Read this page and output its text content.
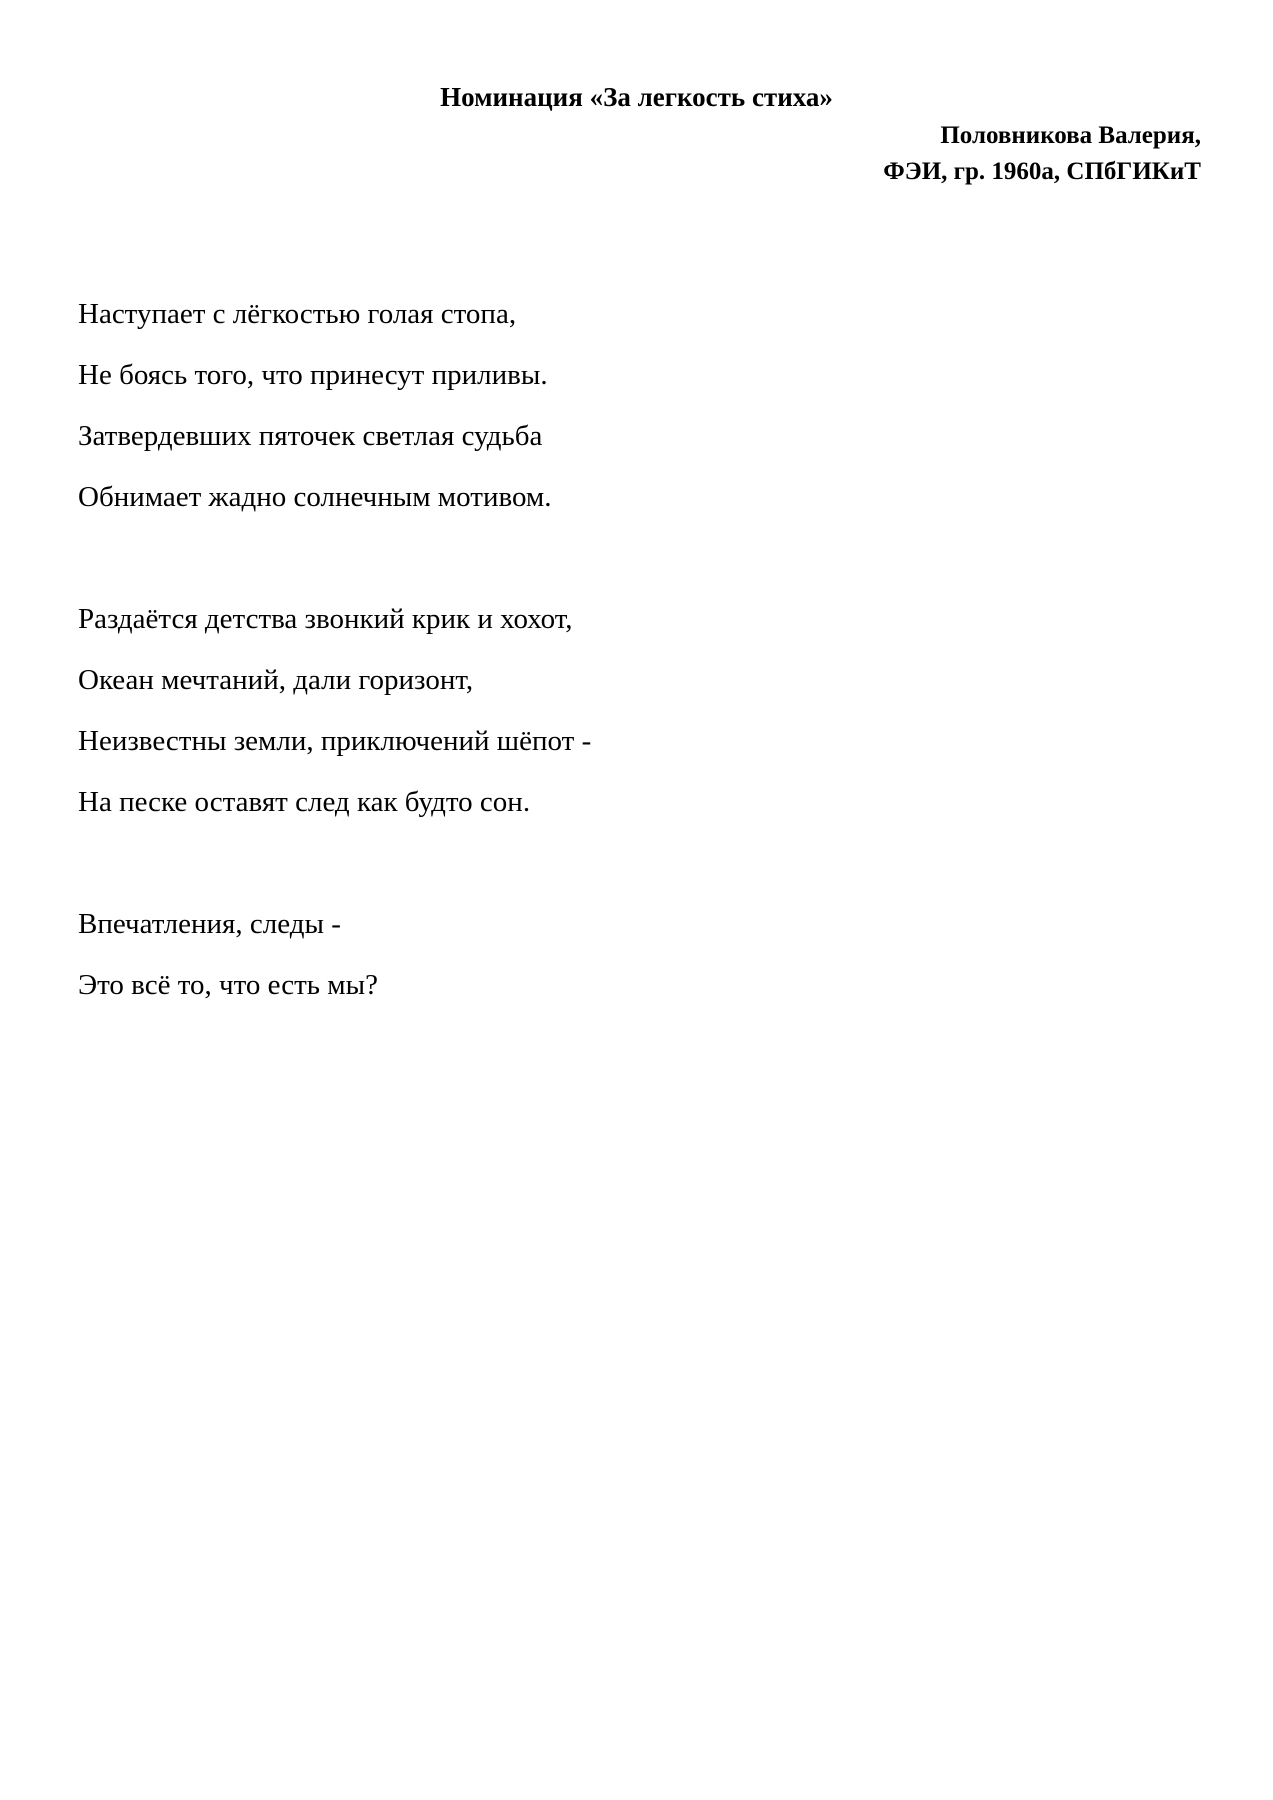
Номинация «За легкость стиха»
Половникова Валерия,
ФЭИ, гр. 1960а, СПбГИКиТ
Наступает с лёгкостью голая стопа,
Не боясь того, что принесут приливы.
Затвердевших пяточек светлая судьба
Обнимает жадно солнечным мотивом.
Раздаётся детства звонкий крик и хохот,
Океан мечтаний, дали горизонт,
Неизвестны земли, приключений шёпот -
На песке оставят след как будто сон.
Впечатления, следы -
Это всё то, что есть мы?
